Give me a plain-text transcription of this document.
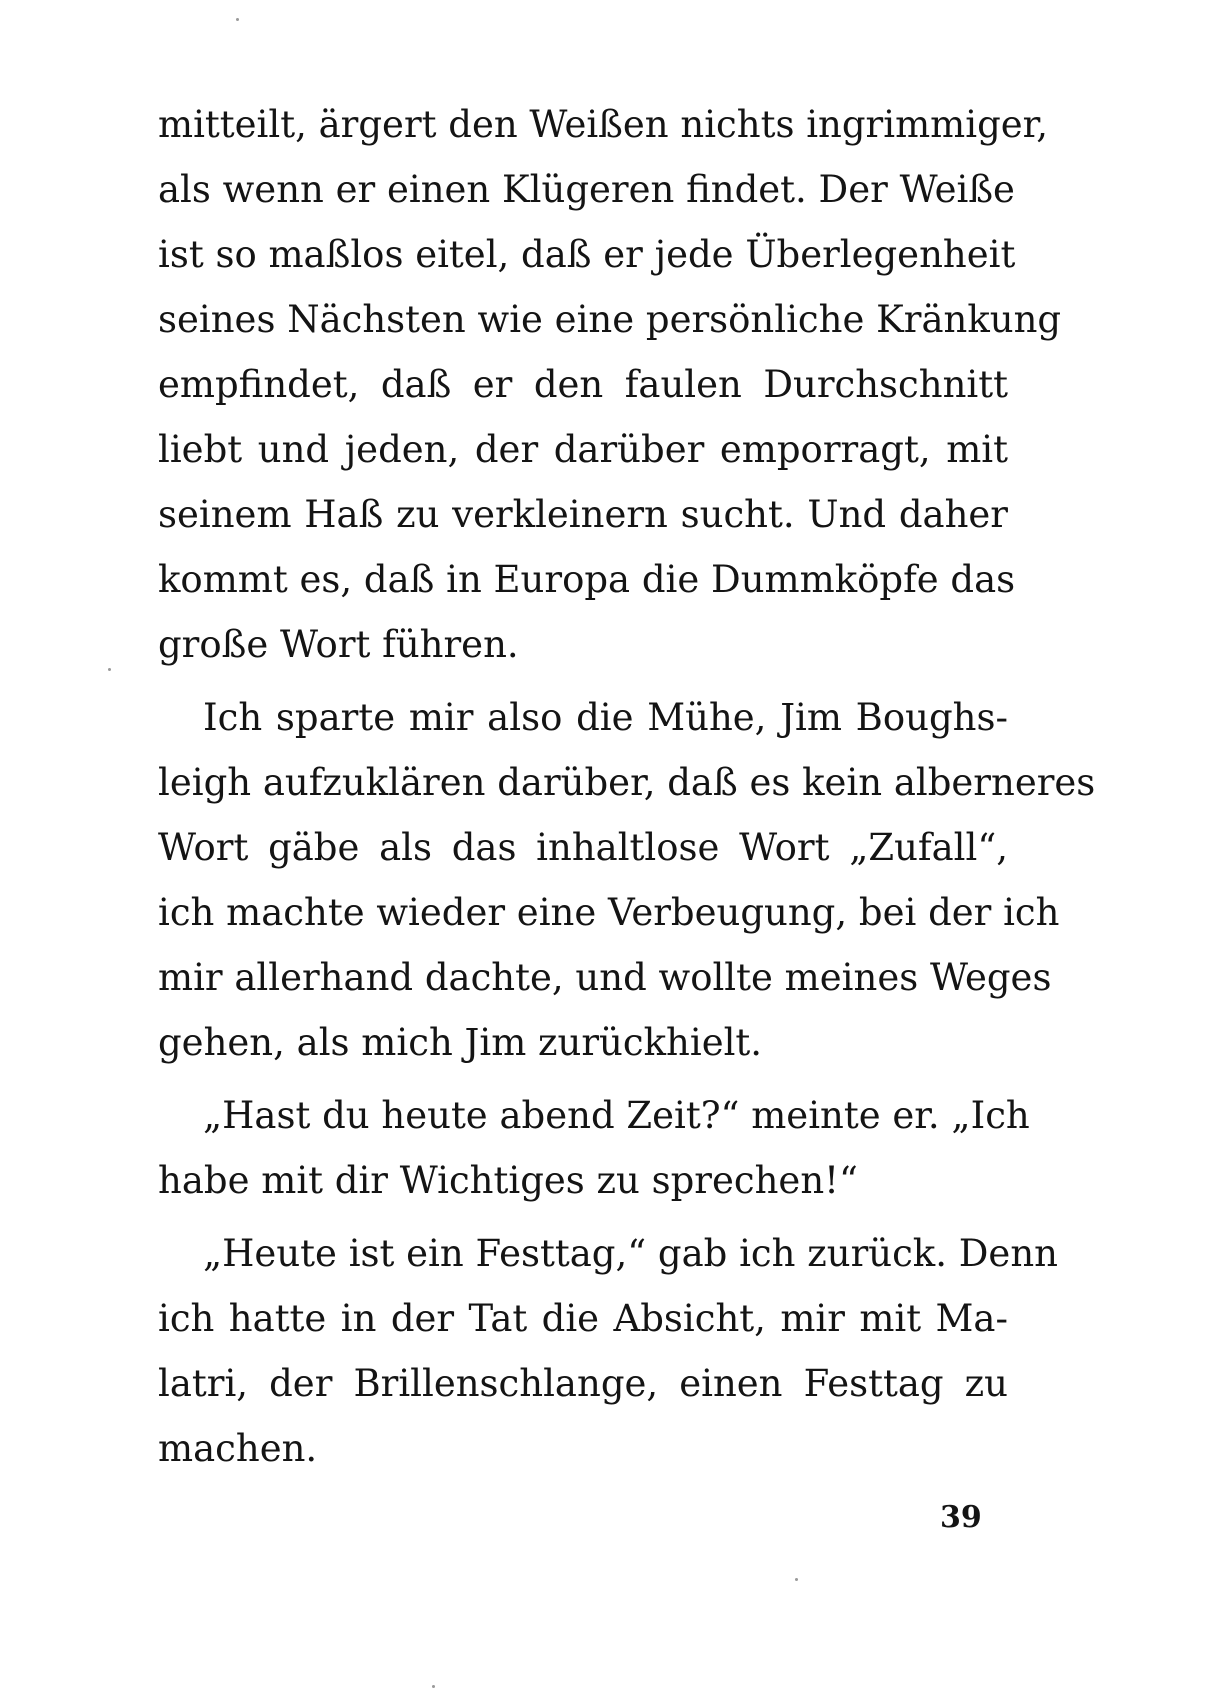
mitteilt, ärgert den Weißen nichts ingrimmiger,
als wenn er einen Klügeren findet. Der Weiße
ist so maßlos eitel, daß er jede Überlegenheit
seines Nächsten wie eine persönliche Kränkung
empfindet, daß er den faulen Durchschnitt
liebt und jeden, der darüber emporragt, mit
seinem Haß zu verkleinern sucht. Und daher
kommt es, daß in Europa die Dummköpfe das
große Wort führen.
Ich sparte mir also die Mühe, Jim Boughs-
leigh aufzuklären darüber, daß es kein alberneres
Wort gäbe als das inhaltlose Wort „Zufall“,
ich machte wieder eine Verbeugung, bei der ich
mir allerhand dachte, und wollte meines Weges
gehen, als mich Jim zurückhielt.
„Hast du heute abend Zeit?“ meinte er. „Ich
habe mit dir Wichtiges zu sprechen!“
„Heute ist ein Festtag,“ gab ich zurück. Denn
ich hatte in der Tat die Absicht, mir mit Ma-
latri, der Brillenschlange, einen Festtag zu
machen.
39
